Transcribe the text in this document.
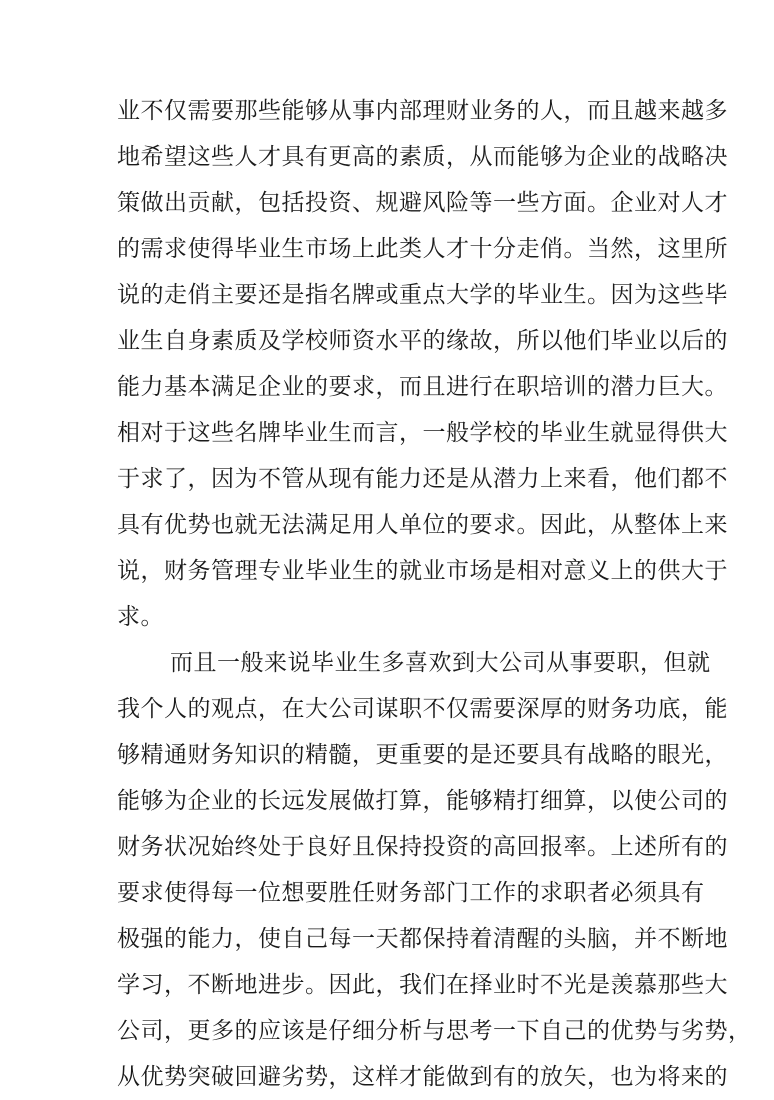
业不仅需要那些能够从事内部理财业务的人，而且越来越多
地希望这些人才具有更高的素质，从而能够为企业的战略决
策做出贡献，包括投资、规避风险等一些方面。企业对人才
的需求使得毕业生市场上此类人才十分走俏。当然，这里所
说的走俏主要还是指名牌或重点大学的毕业生。因为这些毕
业生自身素质及学校师资水平的缘故，所以他们毕业以后的
能力基本满足企业的要求，而且进行在职培训的潜力巨大。
相对于这些名牌毕业生而言，一般学校的毕业生就显得供大
于求了，因为不管从现有能力还是从潜力上来看，他们都不
具有优势也就无法满足用人单位的要求。因此，从整体上来
说，财务管理专业毕业生的就业市场是相对意义上的供大于
求。
而且一般来说毕业生多喜欢到大公司从事要职，但就
我个人的观点，在大公司谋职不仅需要深厚的财务功底，能
够精通财务知识的精髓，更重要的是还要具有战略的眼光，
能够为企业的长远发展做打算，能够精打细算，以使公司的
财务状况始终处于良好且保持投资的高回报率。上述所有的
要求使得每一位想要胜任财务部门工作的求职者必须具有
极强的能力，使自己每一天都保持着清醒的头脑，并不断地
学习，不断地进步。因此，我们在择业时不光是羡慕那些大
公司，更多的应该是仔细分析与思考一下自己的优势与劣势，
从优势突破回避劣势，这样才能做到有的放矢，也为将来的
